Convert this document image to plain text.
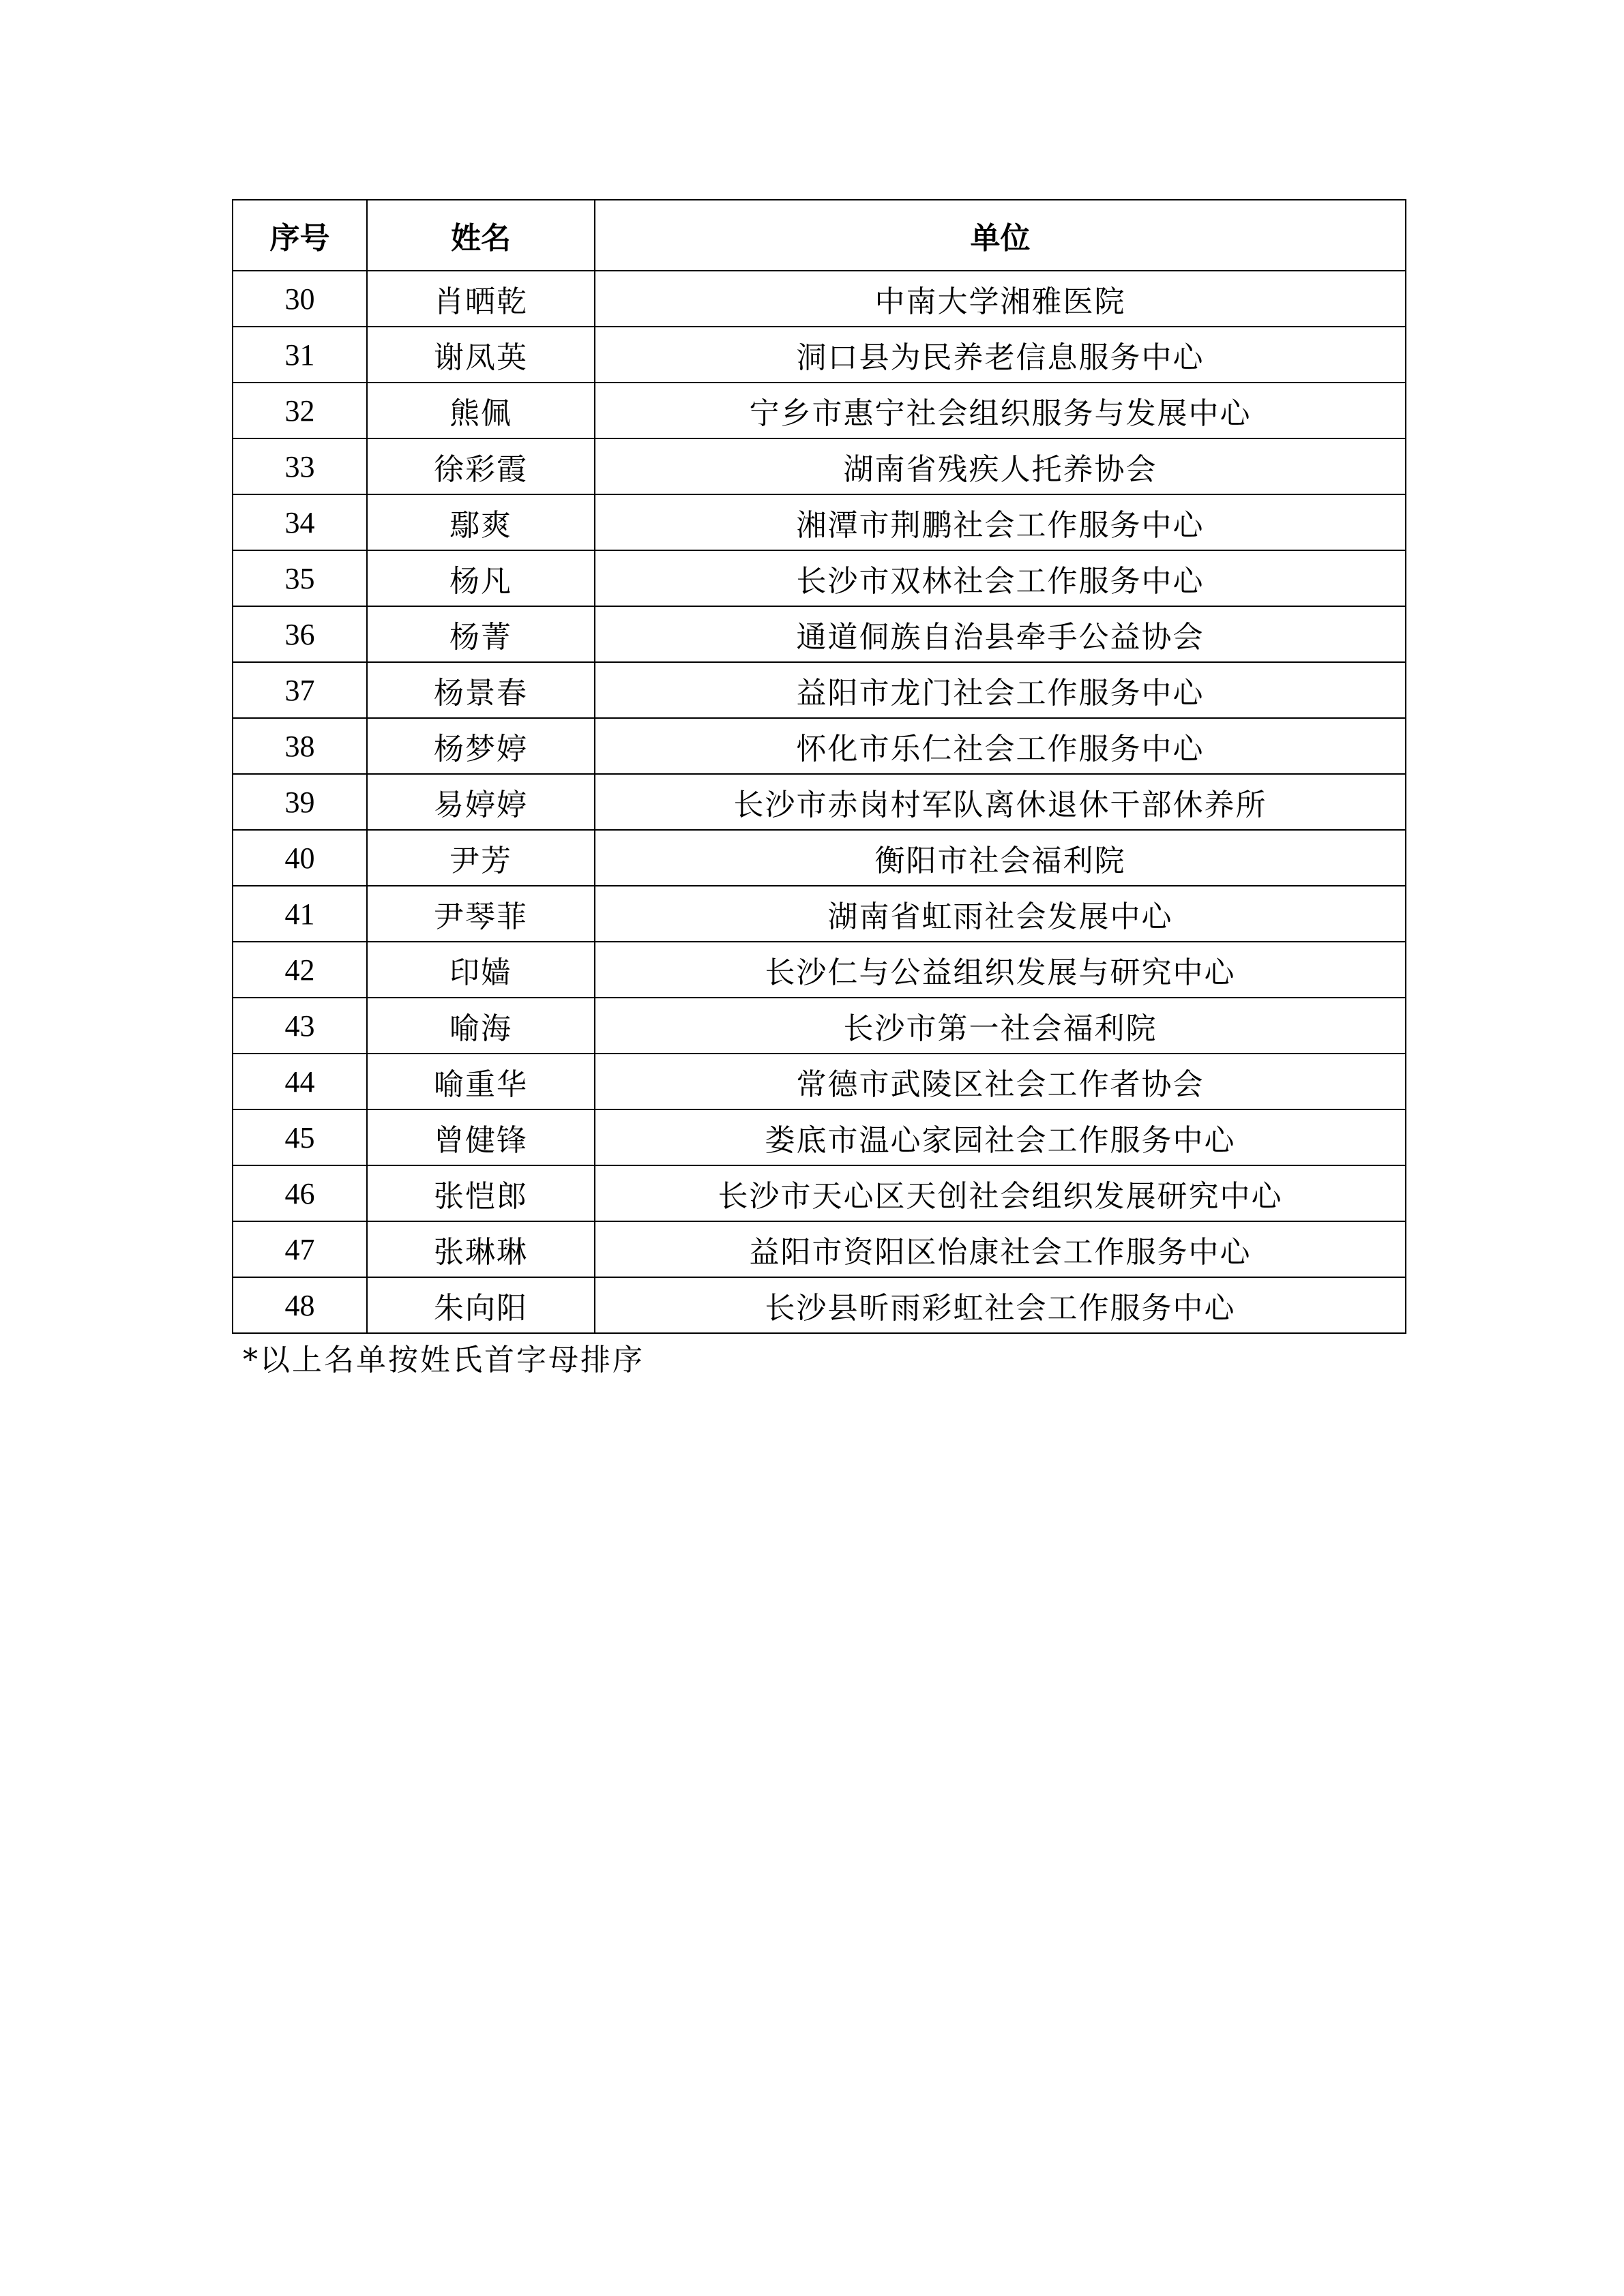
序号	姓名	单位
30	肖晒乾	中南大学湘雅医院
31	谢凤英	洞口县为民养老信息服务中心
32	熊佩	宁乡市惠宁社会组织服务与发展中心
33	徐彩霞	湖南省残疾人托养协会
34	鄢爽	湘潭市荆鹏社会工作服务中心
35	杨凡	长沙市双林社会工作服务中心
36	杨菁	通道侗族自治县牵手公益协会
37	杨景春	益阳市龙门社会工作服务中心
38	杨梦婷	怀化市乐仁社会工作服务中心
39	易婷婷	长沙市赤岗村军队离休退休干部休养所
40	尹芳	衡阳市社会福利院
41	尹琴菲	湖南省虹雨社会发展中心
42	印嫱	长沙仁与公益组织发展与研究中心
43	喻海	长沙市第一社会福利院
44	喻重华	常德市武陵区社会工作者协会
45	曾健锋	娄底市温心家园社会工作服务中心
46	张恺郎	长沙市天心区天创社会组织发展研究中心
47	张琳琳	益阳市资阳区怡康社会工作服务中心
48	朱向阳	长沙县昕雨彩虹社会工作服务中心
*以上名单按姓氏首字母排序
